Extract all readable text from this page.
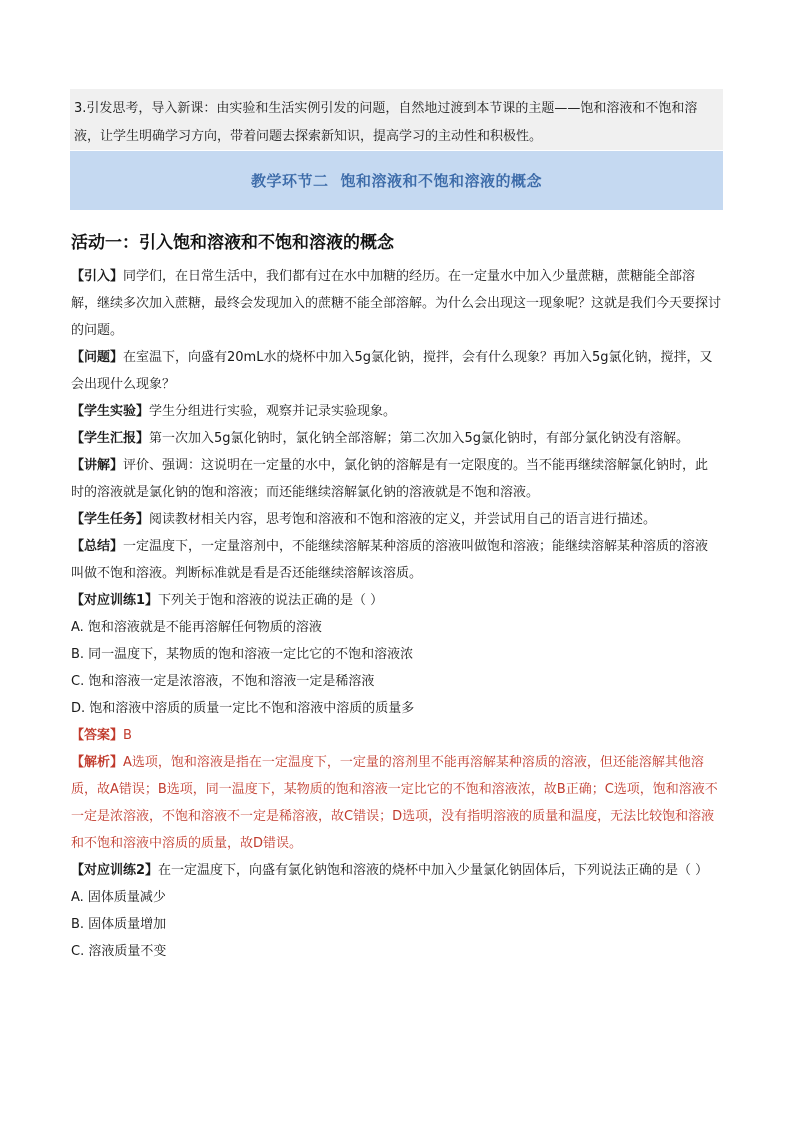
3.引发思考，导入新课：由实验和生活实例引发的问题，自然地过渡到本节课的主题——饱和溶液和不饱和溶液，让学生明确学习方向，带着问题去探索新知识，提高学习的主动性和积极性。

教学环节二 饱和溶液和不饱和溶液的概念
活动一：引入饱和溶液和不饱和溶液的概念

【引入】同学们，在日常生活中，我们都有过在水中加糖的经历。在一定量水中加入少量蔗糖，蔗糖能全部溶解，继续多次加入蔗糖，最终会发现加入的蔗糖不能全部溶解。为什么会出现这一现象呢？这就是我们今天要探讨的问题。

【问题】在室温下，向盛有20mL水的烧杯中加入5g氯化钠，搅拌，会有什么现象？再加入5g氯化钠，搅拌，又会出现什么现象？

【学生实验】学生分组进行实验，观察并记录实验现象。

【学生汇报】第一次加入5g氯化钠时，氯化钠全部溶解；第二次加入5g氯化钠时，有部分氯化钠没有溶解。

【讲解】评价、强调：这说明在一定量的水中，氯化钠的溶解是有一定限度的。当不能再继续溶解氯化钠时，此时的溶液就是氯化钠的饱和溶液；而还能继续溶解氯化钠的溶液就是不饱和溶液。

【学生任务】阅读教材相关内容，思考饱和溶液和不饱和溶液的定义，并尝试用自己的语言进行描述。

【总结】一定温度下，一定量溶剂中，不能继续溶解某种溶质的溶液叫做饱和溶液；能继续溶解某种溶质的溶液叫做不饱和溶液。判断标准就是看是否还能继续溶解该溶质。

【对应训练1】下列关于饱和溶液的说法正确的是（ ）

A. 饱和溶液就是不能再溶解任何物质的溶液

B. 同一温度下，某物质的饱和溶液一定比它的不饱和溶液浓

C. 饱和溶液一定是浓溶液，不饱和溶液一定是稀溶液

D. 饱和溶液中溶质的质量一定比不饱和溶液中溶质的质量多

【答案】B

【解析】A选项，饱和溶液是指在一定温度下，一定量的溶剂里不能再溶解某种溶质的溶液，但还能溶解其他溶质，故A错误；B选项，同一温度下，某物质的饱和溶液一定比它的不饱和溶液浓，故B正确；C选项，饱和溶液不一定是浓溶液，不饱和溶液不一定是稀溶液，故C错误；D选项，没有指明溶液的质量和温度，无法比较饱和溶液和不饱和溶液中溶质的质量，故D错误。

【对应训练2】在一定温度下，向盛有氯化钠饱和溶液的烧杯中加入少量氯化钠固体后，下列说法正确的是（ ）

A. 固体质量减少

B. 固体质量增加

C. 溶液质量不变
